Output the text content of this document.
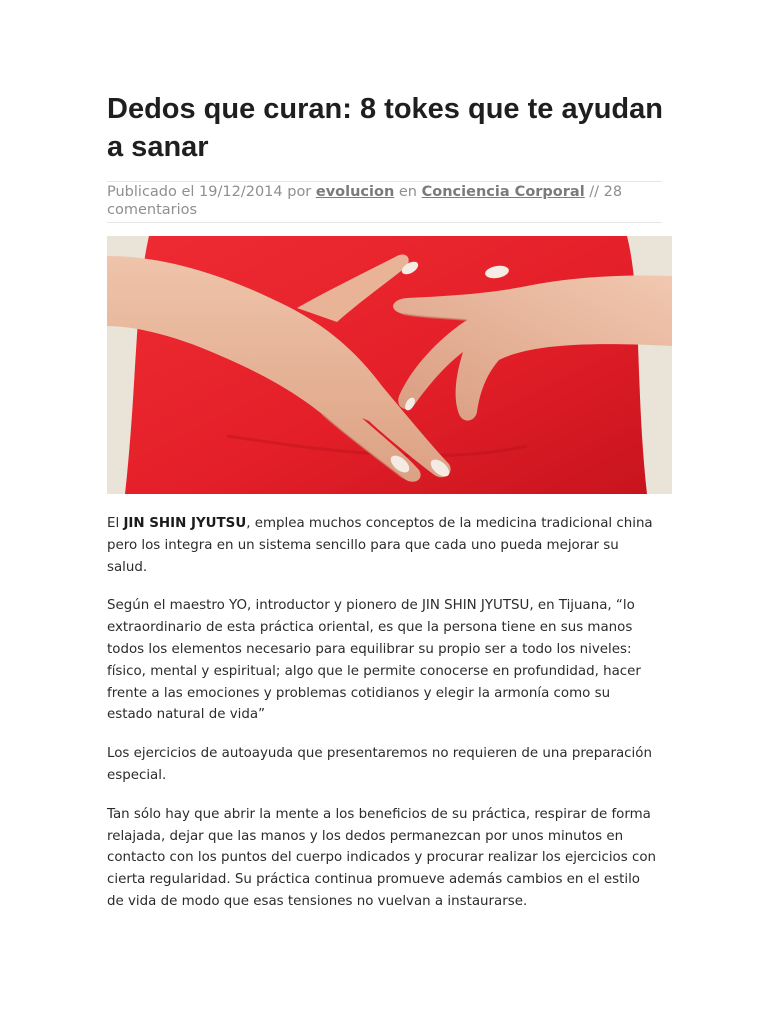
Dedos que curan: 8 tokes que te ayudan a sanar
Publicado el 19/12/2014 por evolucion en Conciencia Corporal // 28 comentarios

El JIN SHIN JYUTSU, emplea muchos conceptos de la medicina tradicional china pero los integra en un sistema sencillo para que cada uno pueda mejorar su salud.

Según el maestro YO, introductor y pionero de JIN SHIN JYUTSU, en Tijuana, “lo extraordinario de esta práctica oriental, es que la persona tiene en sus manos todos los elementos necesario para equilibrar su propio ser a todo los niveles: físico, mental y espiritual; algo que le permite conocerse en profundidad, hacer frente a las emociones y problemas cotidianos y elegir la armonía como su estado natural de vida”

Los ejercicios de autoayuda que presentaremos no requieren de una preparación especial.

Tan sólo hay que abrir la mente a los beneficios de su práctica, respirar de forma relajada, dejar que las manos y los dedos permanezcan por unos minutos en contacto con los puntos del cuerpo indicados y procurar realizar los ejercicios con cierta regularidad. Su práctica continua promueve además cambios en el estilo de vida de modo que esas tensiones no vuelvan a instaurarse.
